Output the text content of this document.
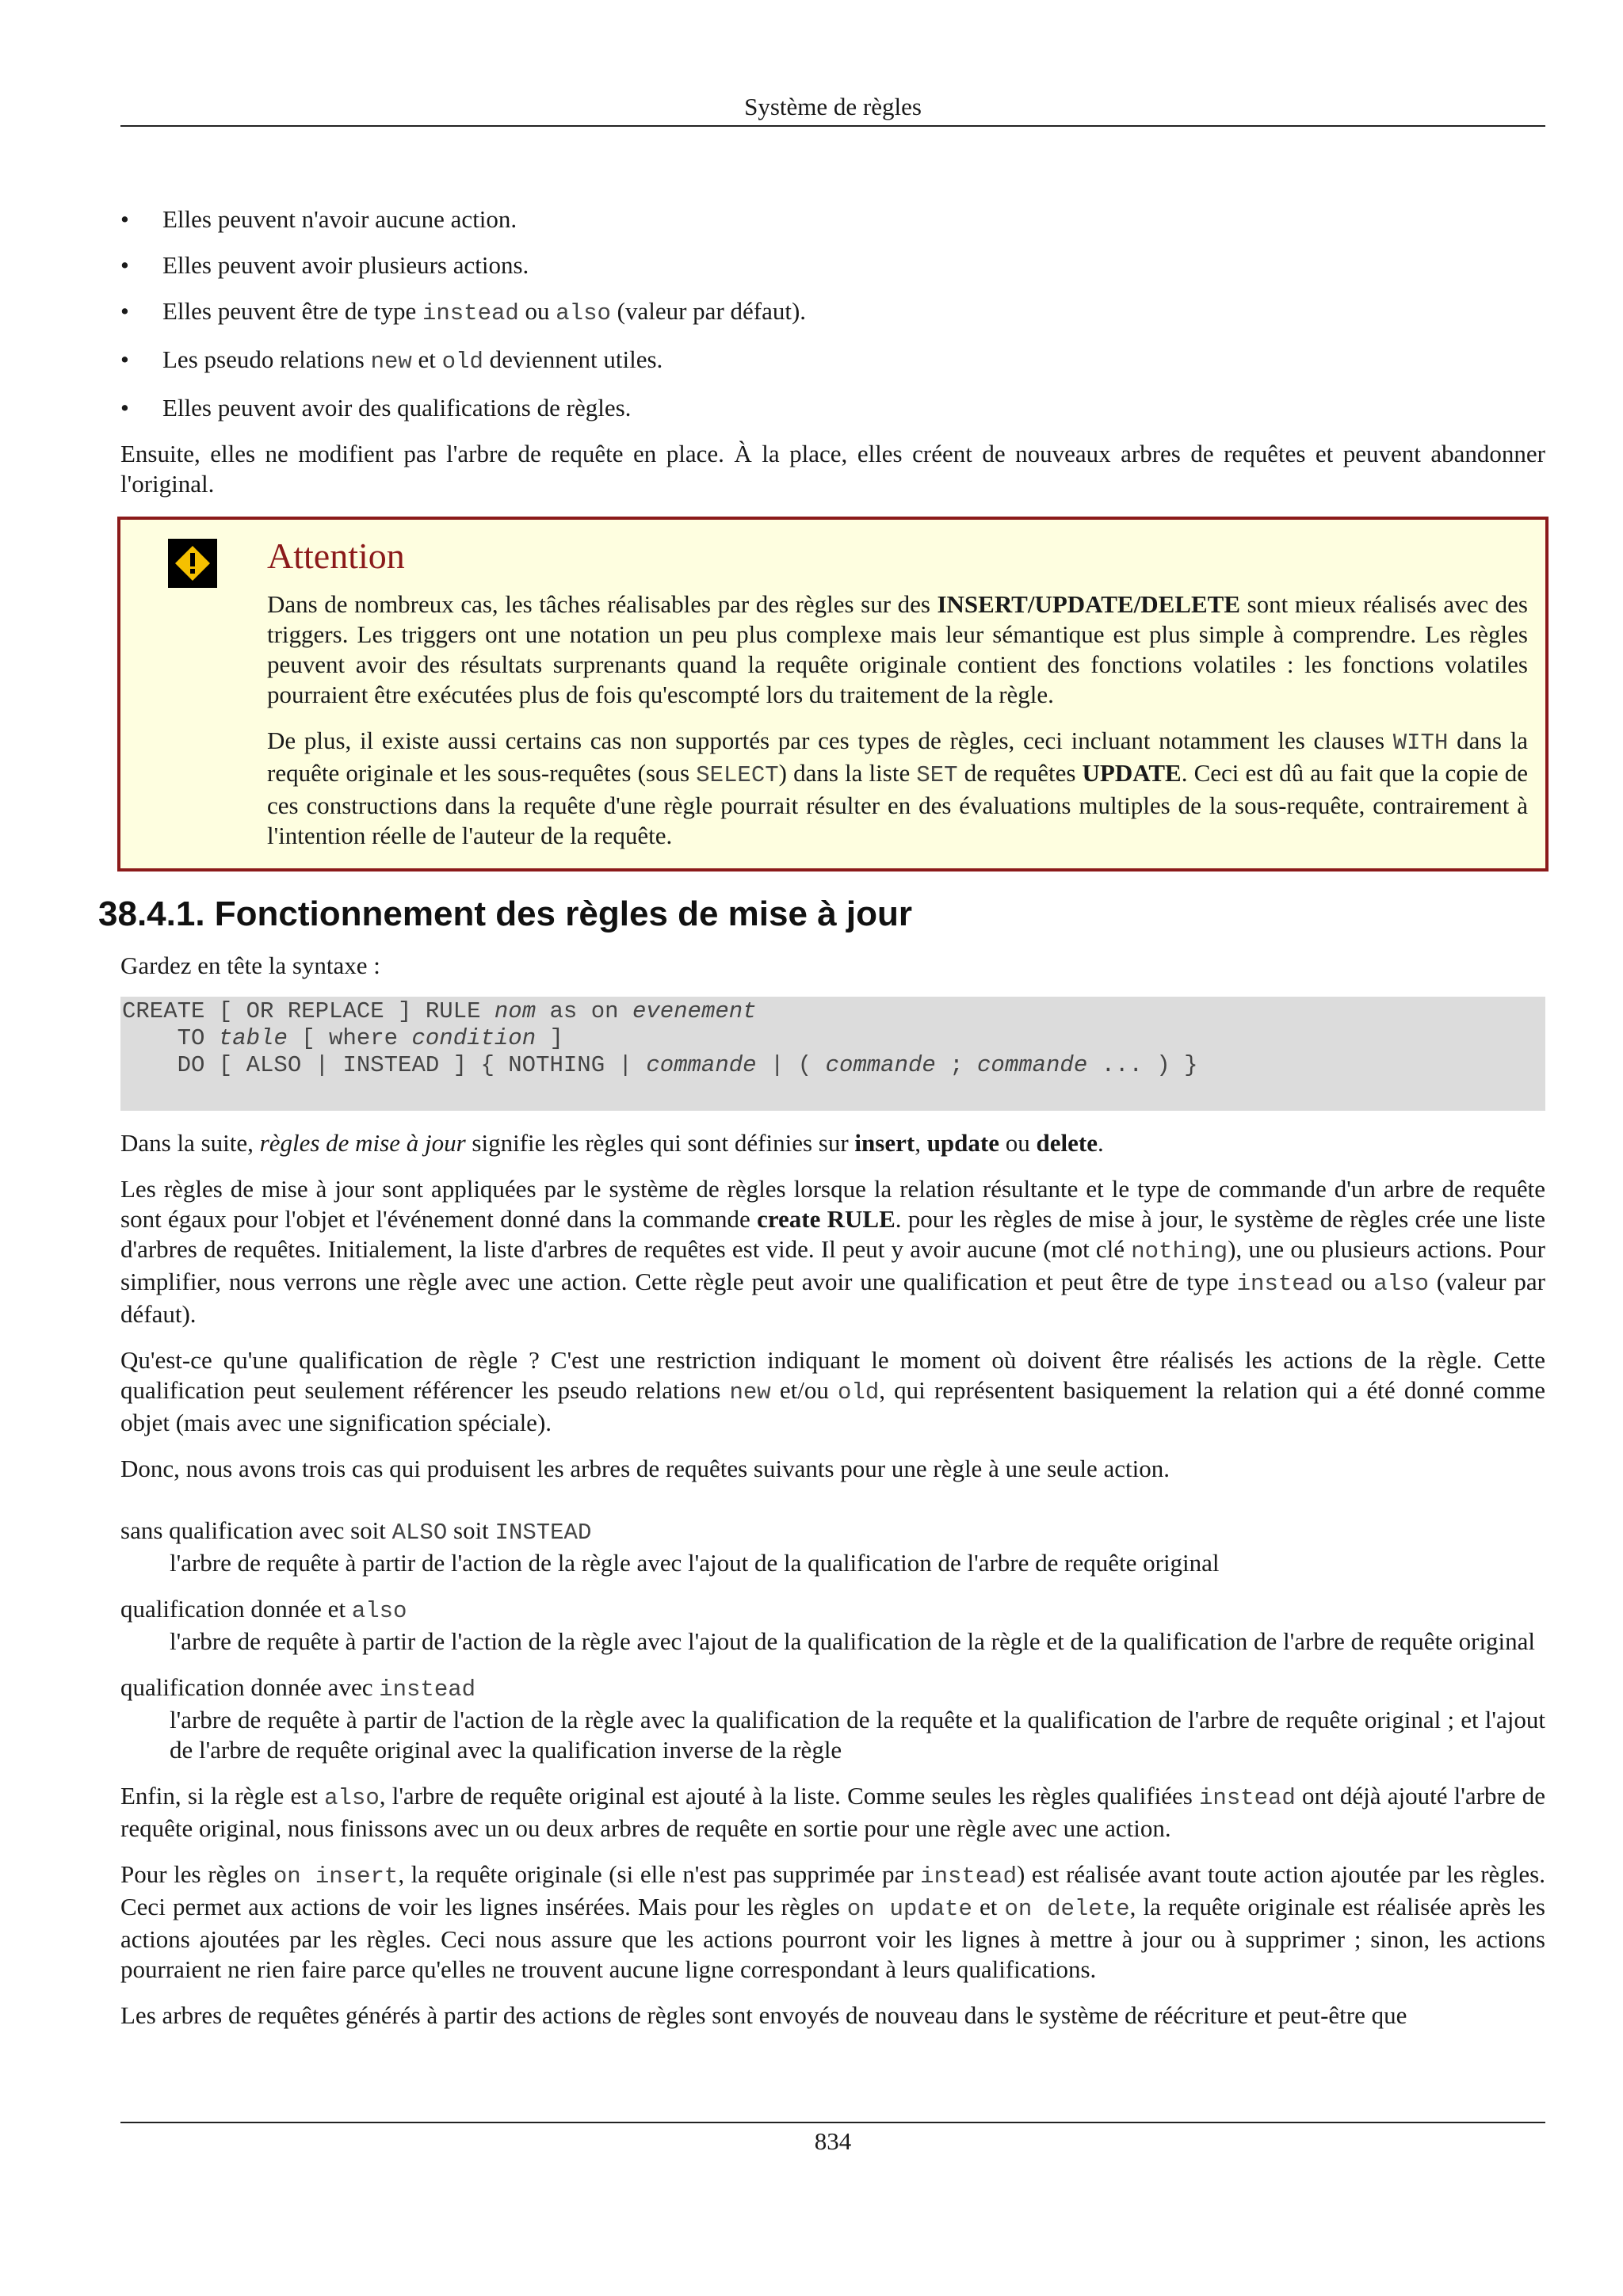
Système de règles
• Elles peuvent n'avoir aucune action.
• Elles peuvent avoir plusieurs actions.
• Elles peuvent être de type instead ou also (valeur par défaut).
• Les pseudo relations new et old deviennent utiles.
• Elles peuvent avoir des qualifications de règles.

Ensuite, elles ne modifient pas l'arbre de requête en place. À la place, elles créent de nouveaux arbres de requêtes et peuvent abandonner l'original.

Attention

Dans de nombreux cas, les tâches réalisables par des règles sur des INSERT/UPDATE/DELETE sont mieux réalisés avec des triggers. Les triggers ont une notation un peu plus complexe mais leur sémantique est plus simple à comprendre. Les règles peuvent avoir des résultats surprenants quand la requête originale contient des fonctions volatiles : les fonctions volatiles pourraient être exécutées plus de fois qu'escompté lors du traitement de la règle.

De plus, il existe aussi certains cas non supportés par ces types de règles, ceci incluant notamment les clauses WITH dans la requête originale et les sous-requêtes (sous SELECT) dans la liste SET de requêtes UPDATE. Ceci est dû au fait que la copie de ces constructions dans la requête d'une règle pourrait résulter en des évaluations multiples de la sous-requête, contrairement à l'intention réelle de l'auteur de la requête.

38.4.1. Fonctionnement des règles de mise à jour

Gardez en tête la syntaxe :

CREATE [ OR REPLACE ] RULE nom as on evenement
TO table [ where condition ]
DO [ ALSO | INSTEAD ] { NOTHING | commande | ( commande ; commande ... ) }

Dans la suite, règles de mise à jour signifie les règles qui sont définies sur insert, update ou delete.

Les règles de mise à jour sont appliquées par le système de règles lorsque la relation résultante et le type de commande d'un arbre de requête sont égaux pour l'objet et l'événement donné dans la commande create RULE. pour les règles de mise à jour, le système de règles crée une liste d'arbres de requêtes. Initialement, la liste d'arbres de requêtes est vide. Il peut y avoir aucune (mot clé nothing), une ou plusieurs actions. Pour simplifier, nous verrons une règle avec une action. Cette règle peut avoir une qualification et peut être de type instead ou also (valeur par défaut).

Qu'est-ce qu'une qualification de règle ? C'est une restriction indiquant le moment où doivent être réalisés les actions de la règle. Cette qualification peut seulement référencer les pseudo relations new et/ou old, qui représentent basiquement la relation qui a été donné comme objet (mais avec une signification spéciale).

Donc, nous avons trois cas qui produisent les arbres de requêtes suivants pour une règle à une seule action.

sans qualification avec soit ALSO soit INSTEAD
l'arbre de requête à partir de l'action de la règle avec l'ajout de la qualification de l'arbre de requête original
qualification donnée et also
l'arbre de requête à partir de l'action de la règle avec l'ajout de la qualification de la règle et de la qualification de l'arbre de requête original
qualification donnée avec instead
l'arbre de requête à partir de l'action de la règle avec la qualification de la requête et la qualification de l'arbre de requête original ; et l'ajout de l'arbre de requête original avec la qualification inverse de la règle

Enfin, si la règle est also, l'arbre de requête original est ajouté à la liste. Comme seules les règles qualifiées instead ont déjà ajouté l'arbre de requête original, nous finissons avec un ou deux arbres de requête en sortie pour une règle avec une action.

Pour les règles on insert, la requête originale (si elle n'est pas supprimée par instead) est réalisée avant toute action ajoutée par les règles. Ceci permet aux actions de voir les lignes insérées. Mais pour les règles on update et on delete, la requête originale est réalisée après les actions ajoutées par les règles. Ceci nous assure que les actions pourront voir les lignes à mettre à jour ou à supprimer ; sinon, les actions pourraient ne rien faire parce qu'elles ne trouvent aucune ligne correspondant à leurs qualifications.

Les arbres de requêtes générés à partir des actions de règles sont envoyés de nouveau dans le système de réécriture et peut-être que

834
